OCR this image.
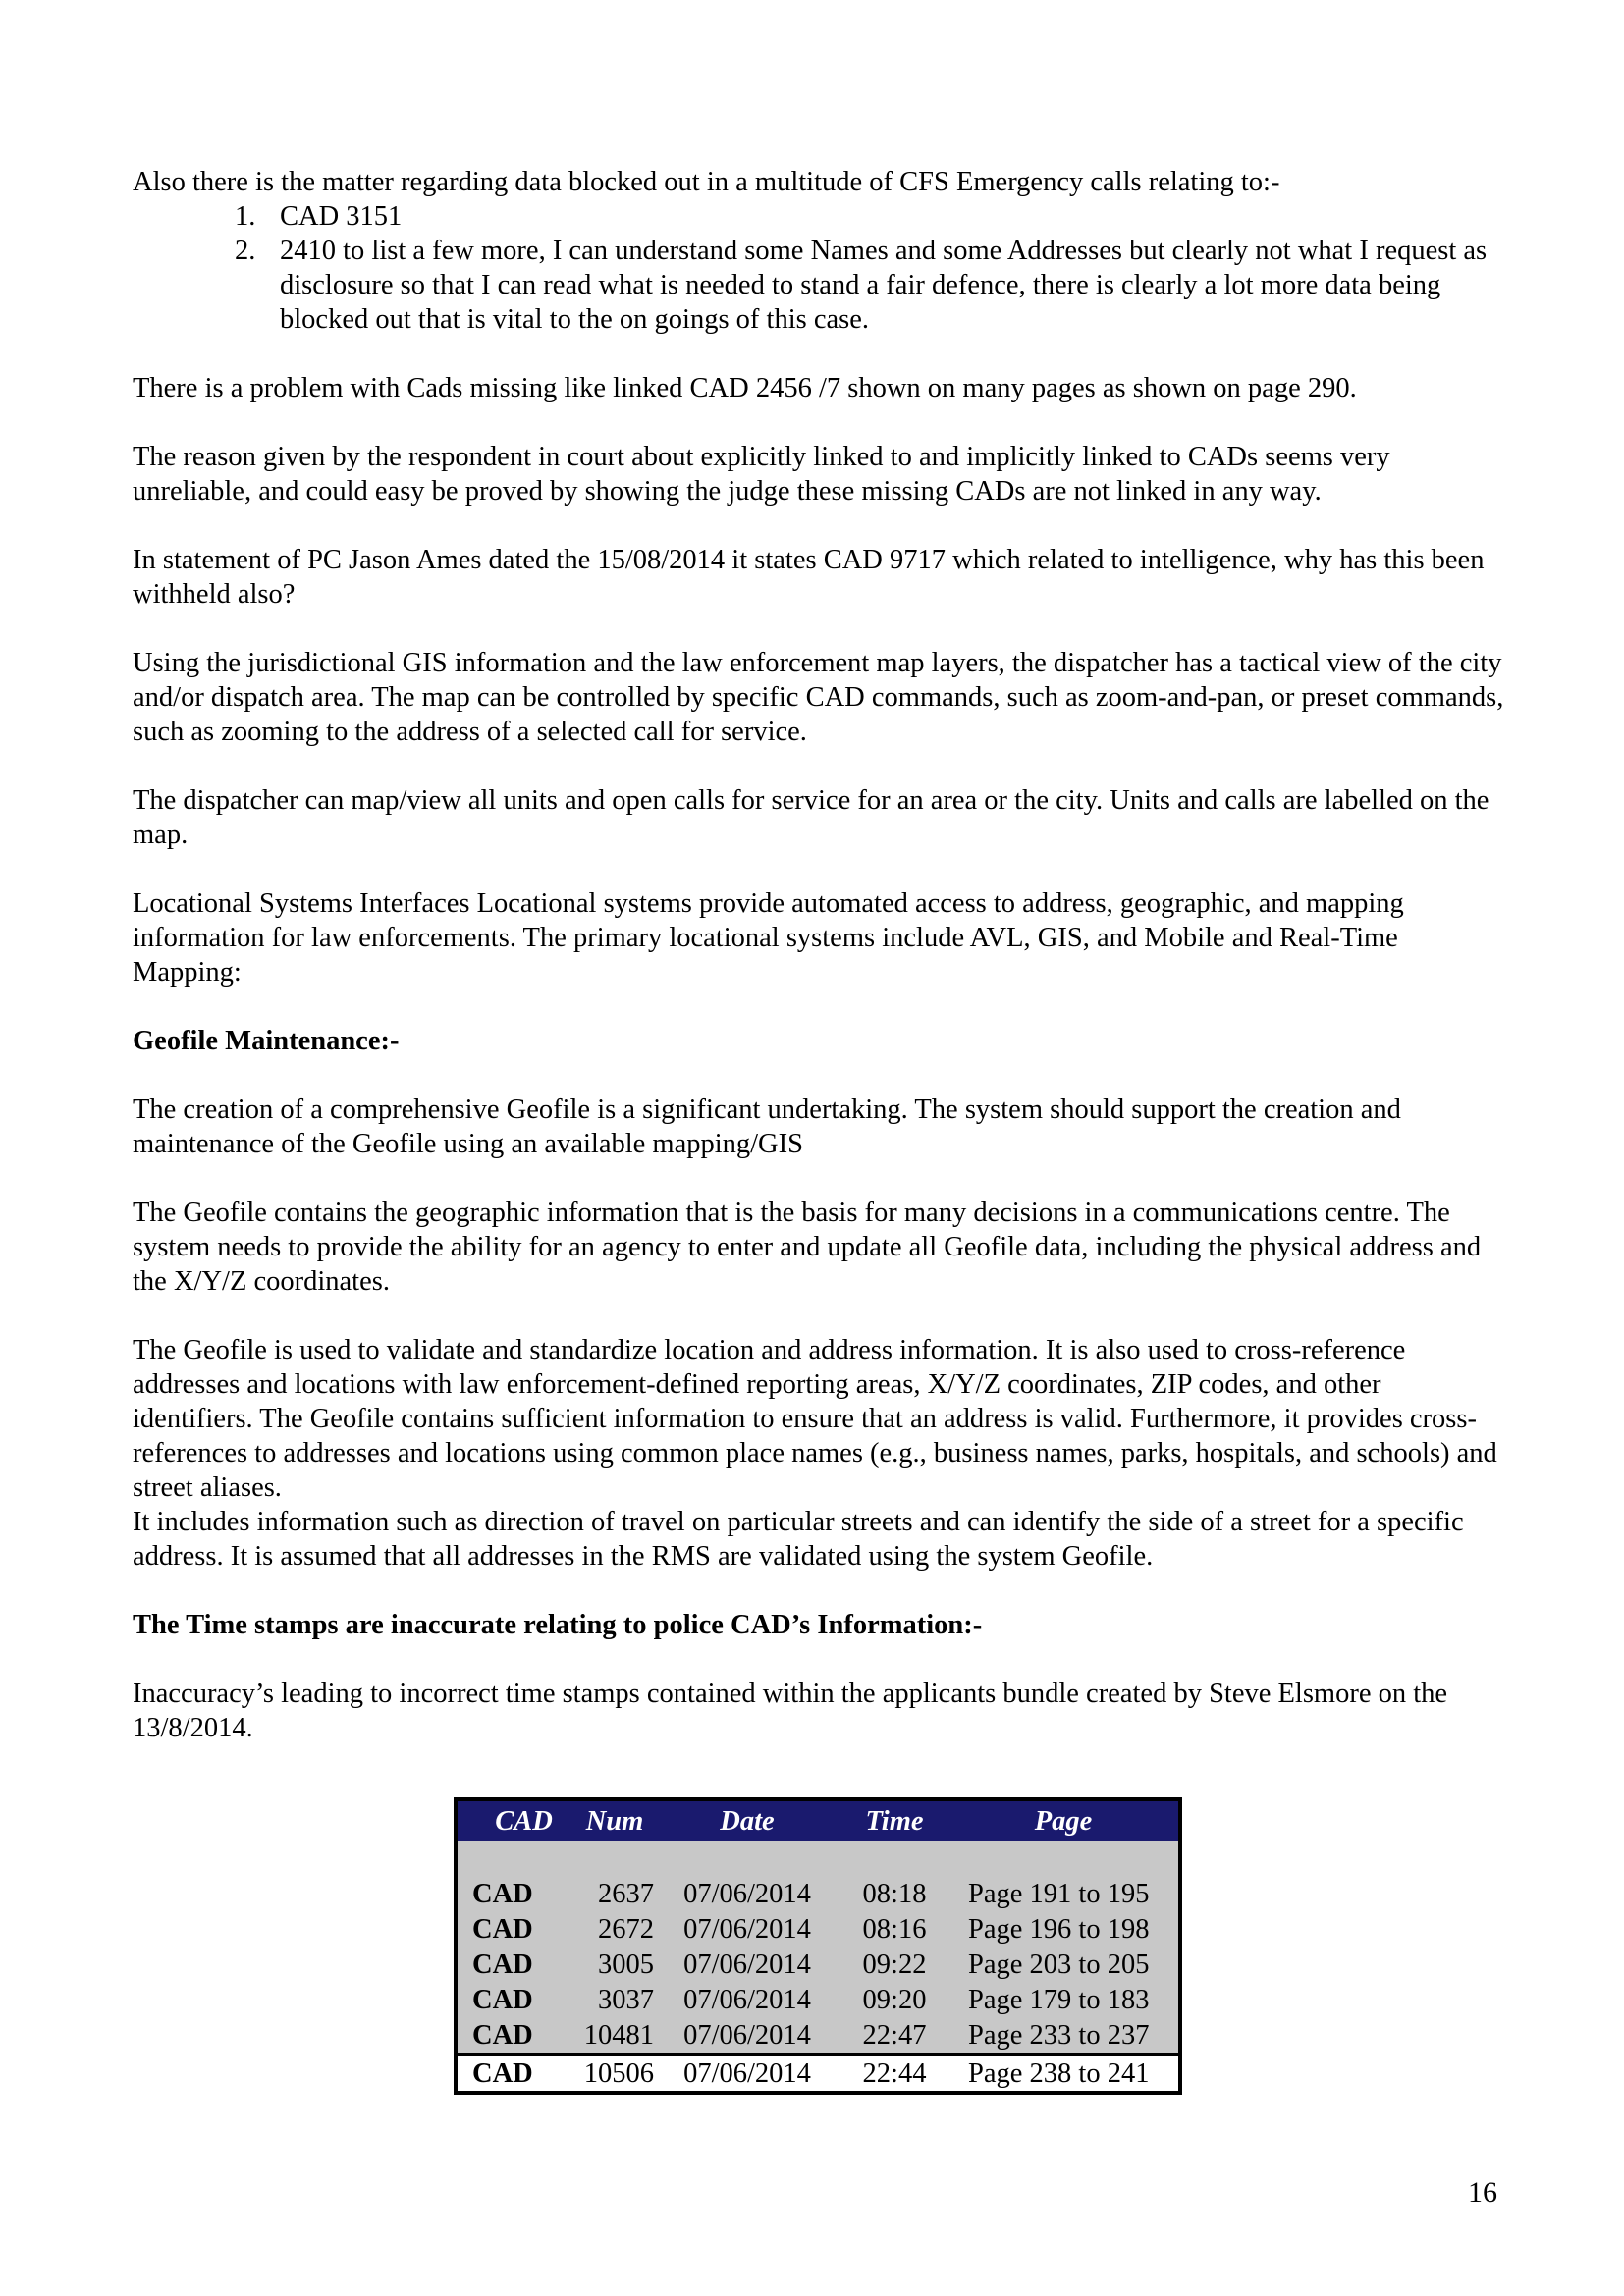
Also there is the matter regarding data blocked out in a multitude of CFS Emergency calls relating to:-

1. CAD 3151
2. 2410 to list a few more, I can understand some Names and some Addresses but clearly not what I request as disclosure so that I can read what is needed to stand a fair defence, there is clearly a lot more data being blocked out that is vital to the on goings of this case.

There is a problem with Cads missing like linked CAD 2456 /7 shown on many pages as shown on page 290.

The reason given by the respondent in court about explicitly linked to and implicitly linked to CADs seems very unreliable, and could easy be proved by showing the judge these missing CADs are not linked in any way.

In statement of PC Jason Ames dated the 15/08/2014 it states CAD 9717 which related to intelligence, why has this been withheld also?

Using the jurisdictional GIS information and the law enforcement map layers, the dispatcher has a tactical view of the city and/or dispatch area. The map can be controlled by specific CAD commands, such as zoom-and-pan, or preset commands, such as zooming to the address of a selected call for service.

The dispatcher can map/view all units and open calls for service for an area or the city. Units and calls are labelled on the map.

Locational Systems Interfaces Locational systems provide automated access to address, geographic, and mapping information for law enforcements. The primary locational systems include AVL, GIS, and Mobile and Real-Time Mapping:

Geofile Maintenance:-

The creation of a comprehensive Geofile is a significant undertaking. The system should support the creation and maintenance of the Geofile using an available mapping/GIS

The Geofile contains the geographic information that is the basis for many decisions in a communications centre. The system needs to provide the ability for an agency to enter and update all Geofile data, including the physical address and the X/Y/Z coordinates.

The Geofile is used to validate and standardize location and address information. It is also used to cross-reference addresses and locations with law enforcement-defined reporting areas, X/Y/Z coordinates, ZIP codes, and other identifiers. The Geofile contains sufficient information to ensure that an address is valid. Furthermore, it provides cross-references to addresses and locations using common place names (e.g., business names, parks, hospitals, and schools) and street aliases.

It includes information such as direction of travel on particular streets and can identify the side of a street for a specific address. It is assumed that all addresses in the RMS are validated using the system Geofile.

The Time stamps are inaccurate relating to police CAD’s Information:-

Inaccuracy’s leading to incorrect time stamps contained within the applicants bundle created by Steve Elsmore on the 13/8/2014.

CAD	Num	Date	Time	Page

CAD	2637	07/06/2014	08:18	Page 191 to 195
CAD	2672	07/06/2014	08:16	Page 196 to 198
CAD	3005	07/06/2014	09:22	Page 203 to 205
CAD	3037	07/06/2014	09:20	Page 179 to 183
CAD	10481	07/06/2014	22:47	Page 233 to 237
CAD	10506	07/06/2014	22:44	Page 238 to 241
16
